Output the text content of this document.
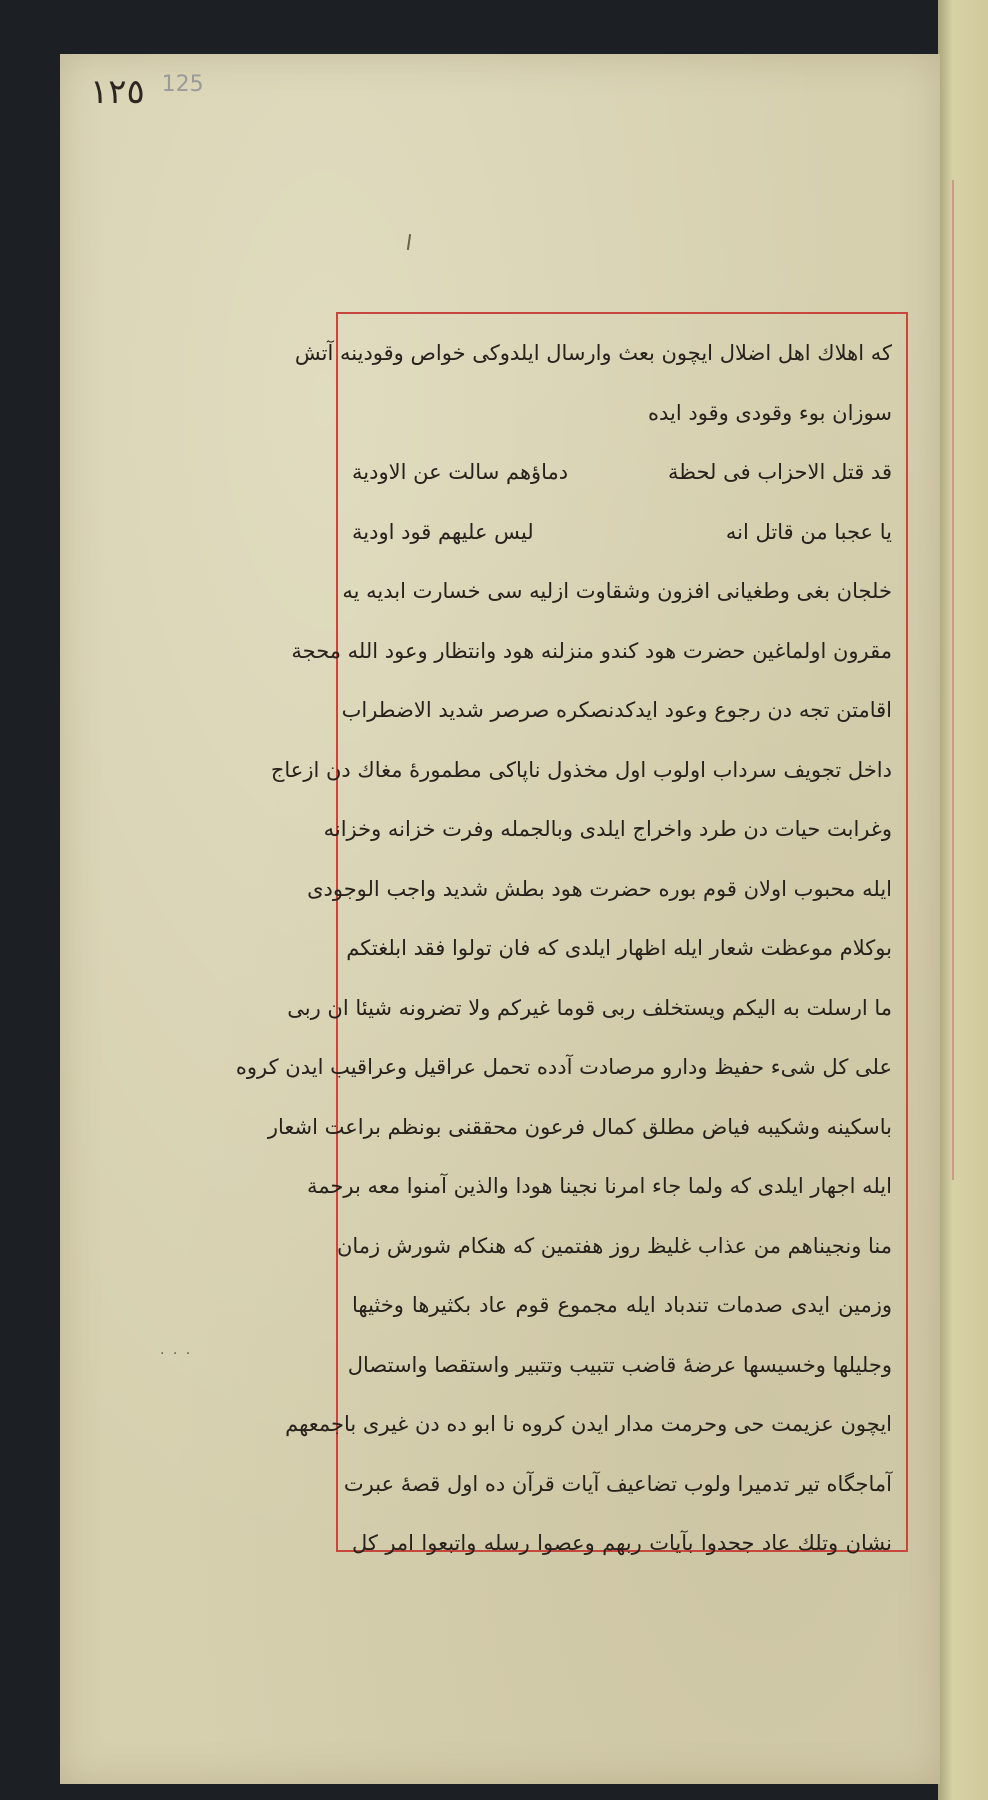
١٢٥ $^{125}$
· · ·
که اهلاك اهل اضلال ايچون بعث وارسال ايلدوكی خواص وقودينه آتش
سوزان بوء وقودی وقود ايده
قد قتل الاحزاب فی لحظة
دماؤهم سالت عن الاودية
يا عجبا من قاتل انه
ليس عليهم قود اودية
خلجان بغی وطغيانی افزون وشقاوت ازليه سی خسارت ابديه يه
مقرون اولماغين حضرت هود كندو منزلنه هود وانتظار وعود الله محجة
اقامتن تجه دن رجوع وعود ايدکدنصکره صرصر شديد الاضطراب
داخل تجويف سرداب اولوب اول مخذول ناپاکی مطمورهٔ مغاك دن ازعاج
وغرابت حيات دن طرد واخراج ايلدی وبالجمله وفرت خزانه وخزانه
ايله محبوب اولان قوم بوره حضرت هود بطش شديد واجب الوجودی
بوكلام موعظت شعار ايله اظهار ايلدی که فان تولوا فقد ابلغتكم
ما ارسلت به اليكم ويستخلف ربی قوما غيركم ولا تضرونه شيئا ان ربی
علی كل شیء حفيظ ودارو مرصادت آدده تحمل عراقيل وعراقيب ايدن كروه
باسكينه وشكيبه فياض مطلق كمال فرعون محققنی بونظم براعت اشعار
ايله اجهار ايلدی که ولما جاء امرنا نجينا هودا والذين آمنوا معه برحمة
منا ونجيناهم من عذاب غليظ روز هفتمين که هنکام شورش زمان
وزمين ايدی صدمات تندباد ايله مجموع قوم عاد بكثيرها وخثيها
وجليلها وخسيسها عرضهٔ قاضب تتبيب وتتبير واستقصا واستصال
ايچون عزيمت حی وحرمت مدار ايدن كروه نا ابو ده دن غيری باجمعهم
آماجگاه تير تدميرا ولوب تضاعيف آيات قرآن ده اول قصهٔ عبرت
نشان وتلك عاد جحدوا بآيات ربهم وعصوا رسله واتبعوا امر كل
